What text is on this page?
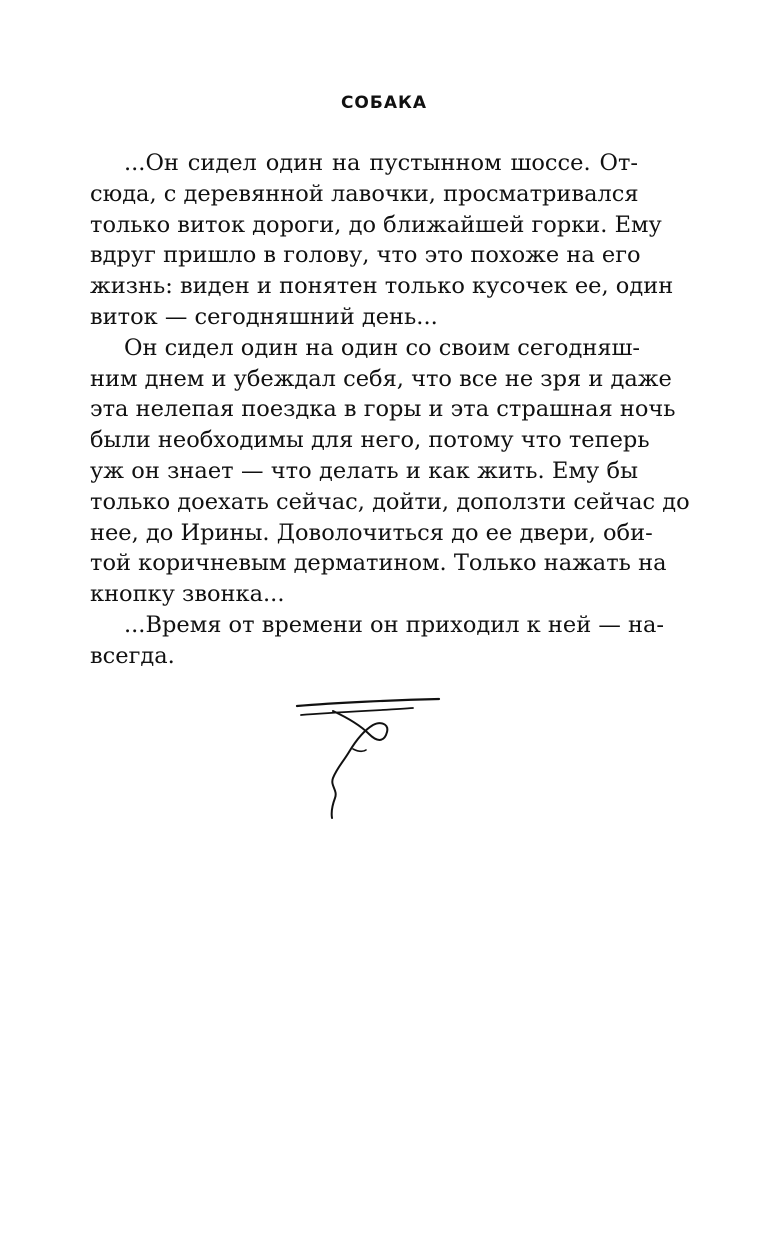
СОБАКА
...Он сидел один на пустынном шоссе. От-
сюда, с деревянной лавочки, просматривался
только виток дороги, до ближайшей горки. Ему
вдруг пришло в голову, что это похоже на его
жизнь: виден и понятен только кусочек ее, один
виток — сегодняшний день...
Он сидел один на один со своим сегодняш-
ним днем и убеждал себя, что все не зря и даже
эта нелепая поездка в горы и эта страшная ночь
были необходимы для него, потому что теперь
уж он знает — что делать и как жить. Ему бы
только доехать сейчас, дойти, доползти сейчас до
нее, до Ирины. Доволочиться до ее двери, оби-
той коричневым дерматином. Только нажать на
кнопку звонка...
...Время от времени он приходил к ней — на-
всегда.
